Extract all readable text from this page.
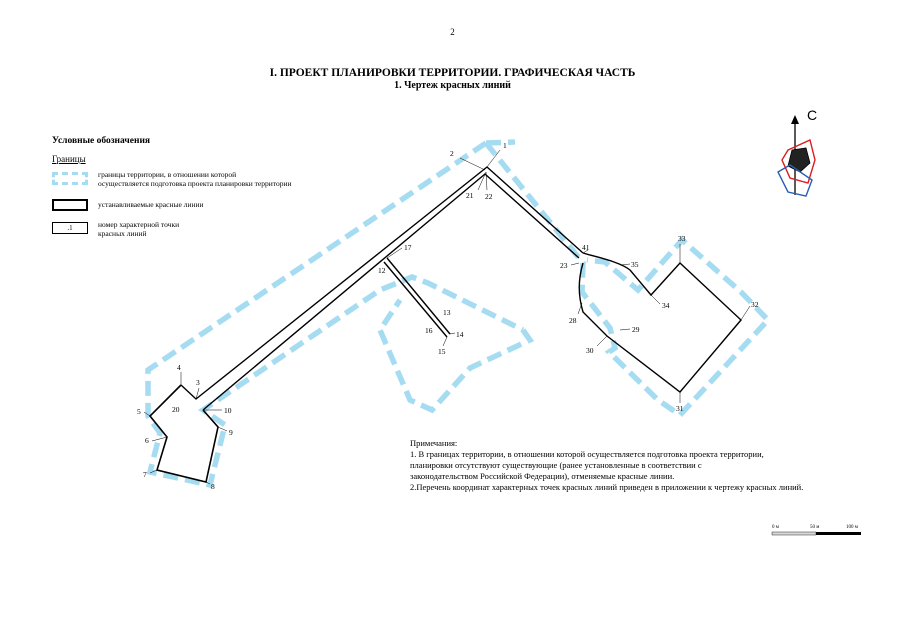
2
I. ПРОЕКТ ПЛАНИРОВКИ ТЕРРИТОРИИ. ГРАФИЧЕСКАЯ ЧАСТЬ
1. Чертеж красных линий
Условные обозначения
Границы
границы территории, в отношении которой
осуществляется подготовка проекта планировки территории
устанавливаемые красные линии
.1	номер характерной точки
красных линий
1
2
3
4
5
6
7
8
9
10
12
13
14
15
16
17
20
21 22
23
28
29
30
31
32
33
34
35
41
С
0 м	50 м	100 м
Примечания:
1. В границах территории, в отношении которой осуществляется подготовка проекта территории,
планировки отсутствуют существующие (ранее установленные в соответствии с
законодательством Российской Федерации), отменяемые красные линии.
2.Перечень координат характерных точек красных линий приведен в приложении к чертежу красных линий.
